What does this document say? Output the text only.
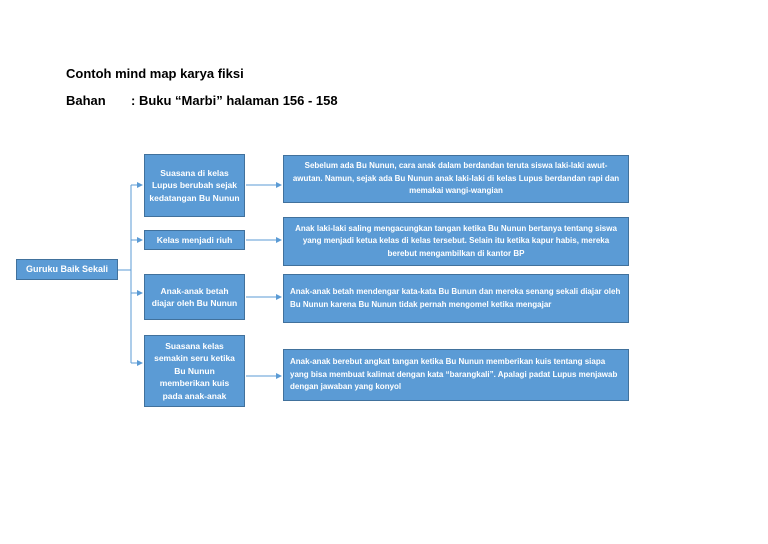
Contoh mind map karya fiksi
Bahan : Buku “Marbi” halaman 156 - 158
Guruku Baik Sekali
Suasana di kelas Lupus berubah sejak kedatangan Bu Nunun
Kelas menjadi riuh
Anak-anak betah diajar oleh Bu Nunun
Suasana kelas semakin seru ketika Bu Nunun memberikan kuis pada anak-anak
Sebelum ada Bu Nunun, cara anak dalam berdandan teruta siswa laki-laki awut-awutan. Namun, sejak ada Bu Nunun anak laki-laki di kelas Lupus berdandan rapi dan memakai wangi-wangian
Anak laki-laki saling mengacungkan tangan ketika Bu Nunun bertanya tentang siswa yang menjadi ketua kelas di kelas tersebut. Selain itu ketika kapur habis, mereka berebut mengambilkan di kantor BP
Anak-anak betah mendengar kata-kata Bu Bunun dan mereka senang sekali diajar oleh Bu Nunun karena Bu Nunun tidak pernah mengomel ketika mengajar
Anak-anak berebut angkat tangan ketika Bu Nunun memberikan kuis tentang siapa yang bisa membuat kalimat dengan kata “barangkali”. Apalagi padat Lupus menjawab dengan jawaban yang konyol
